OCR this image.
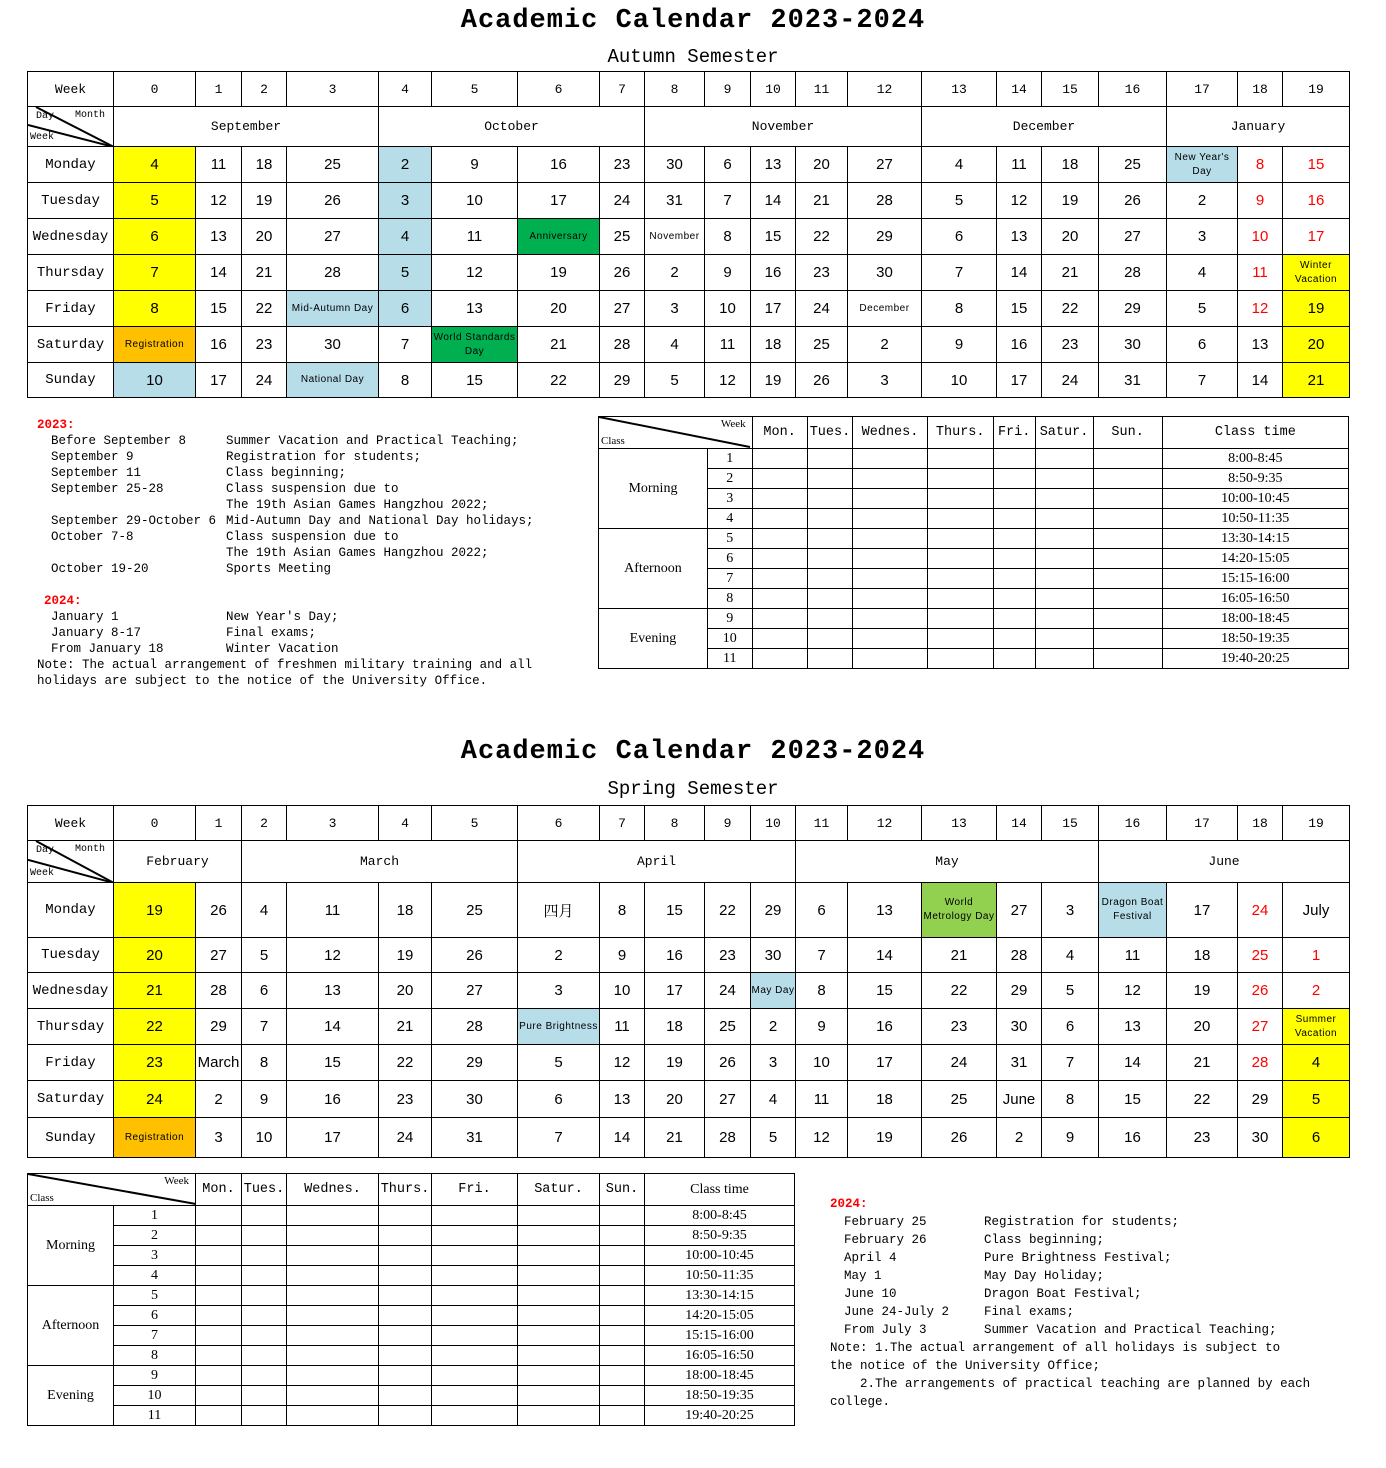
Academic Calendar 2023-2024
Autumn Semester
Week	0	1	2	3	4	5	6	7	8	9	10	11	12	13	14	15	16	17	18	19

Day Month
Week	September				October				November					December				January		
Monday	4	11	18	25	2	9	16	23	30	6	13	20	27	4	11	18	25	New Year's Day	8	15
Tuesday	5	12	19	26	3	10	17	24	31	7	14	21	28	5	12	19	26	2	9	16
Wednesday	6	13	20	27	4	11	Anniversary	25	November	8	15	22	29	6	13	20	27	3	10	17
Thursday	7	14	21	28	5	12	19	26	2	9	16	23	30	7	14	21	28	4	11	Winter Vacation
Friday	8	15	22	Mid-Autumn Day	6	13	20	27	3	10	17	24	December	8	15	22	29	5	12	19
Saturday	Registration	16	23	30	7	World Standards Day	21	28	4	11	18	25	2	9	16	23	30	6	13	20
Sunday	10	17	24	National Day	8	15	22	29	5	12	19	26	3	10	17	24	31	7	14	21
2023:
Before September 8	Summer Vacation and Practical Teaching;
September 9	Registration for students;
September 11	Class beginning;
September 25-28	Class suspension due to
The 19th Asian Games Hangzhou 2022;
September 29-October 6 Mid-Autumn Day and National Day holidays;
October 7-8	Class suspension due to
The 19th Asian Games Hangzhou 2022;
October 19-20	Sports Meeting
2024:
January 1	New Year's Day;
January 8-17	Final exams;
From January 18	Winter Vacation
Note: The actual arrangement of freshmen military training and all
holidays are subject to the notice of the University Office.
Week
Class		Mon.	Tues.	Wednes.	Thurs.	Fri.	Satur.	Sun.	Class time
Morning	1								8:00-8:45
	2								8:50-9:35
	3								10:00-10:45
	4								10:50-11:35
Afternoon	5								13:30-14:15
	6								14:20-15:05
	7								15:15-16:00
	8								16:05-16:50
Evening	9								18:00-18:45
	10								18:50-19:35
	11								19:40-20:25
Academic Calendar 2023-2024
Spring Semester
Week	0	1	2	3	4	5	6	7	8	9	10	11	12	13	14	15	16	17	18	19

Day Month
Week	February		March				April					May					June			
Monday	19	26	4	11	18	25	四月	8	15	22	29	6	13	World Metrology Day	27	3	Dragon Boat Festival	17	24	July
Tuesday	20	27	5	12	19	26	2	9	16	23	30	7	14	21	28	4	11	18	25	1
Wednesday	21	28	6	13	20	27	3	10	17	24	May Day	8	15	22	29	5	12	19	26	2
Thursday	22	29	7	14	21	28	Pure Brightness	11	18	25	2	9	16	23	30	6	13	20	27	Summer Vacation
Friday	23	March	8	15	22	29	5	12	19	26	3	10	17	24	31	7	14	21	28	4
Saturday	24	2	9	16	23	30	6	13	20	27	4	11	18	25	June	8	15	22	29	5
Sunday	Registration	3	10	17	24	31	7	14	21	28	5	12	19	26	2	9	16	23	30	6
Week
Class		Mon.	Tues.	Wednes.	Thurs.	Fri.	Satur.	Sun.	Class time
Morning	1								8:00-8:45
	2								8:50-9:35
	3								10:00-10:45
	4								10:50-11:35
Afternoon	5								13:30-14:15
	6								14:20-15:05
	7								15:15-16:00
	8								16:05-16:50
Evening	9								18:00-18:45
	10								18:50-19:35
	11								19:40-20:25
2024:
February 25	Registration for students;
February 26	Class beginning;
April 4	Pure Brightness Festival;
May 1	May Day Holiday;
June 10	Dragon Boat Festival;
June 24-July 2	Final exams;
From July 3	Summer Vacation and Practical Teaching;
Note: 1.The actual arrangement of all holidays is subject to
the notice of the University Office;
2.The arrangements of practical teaching are planned by each
college.
